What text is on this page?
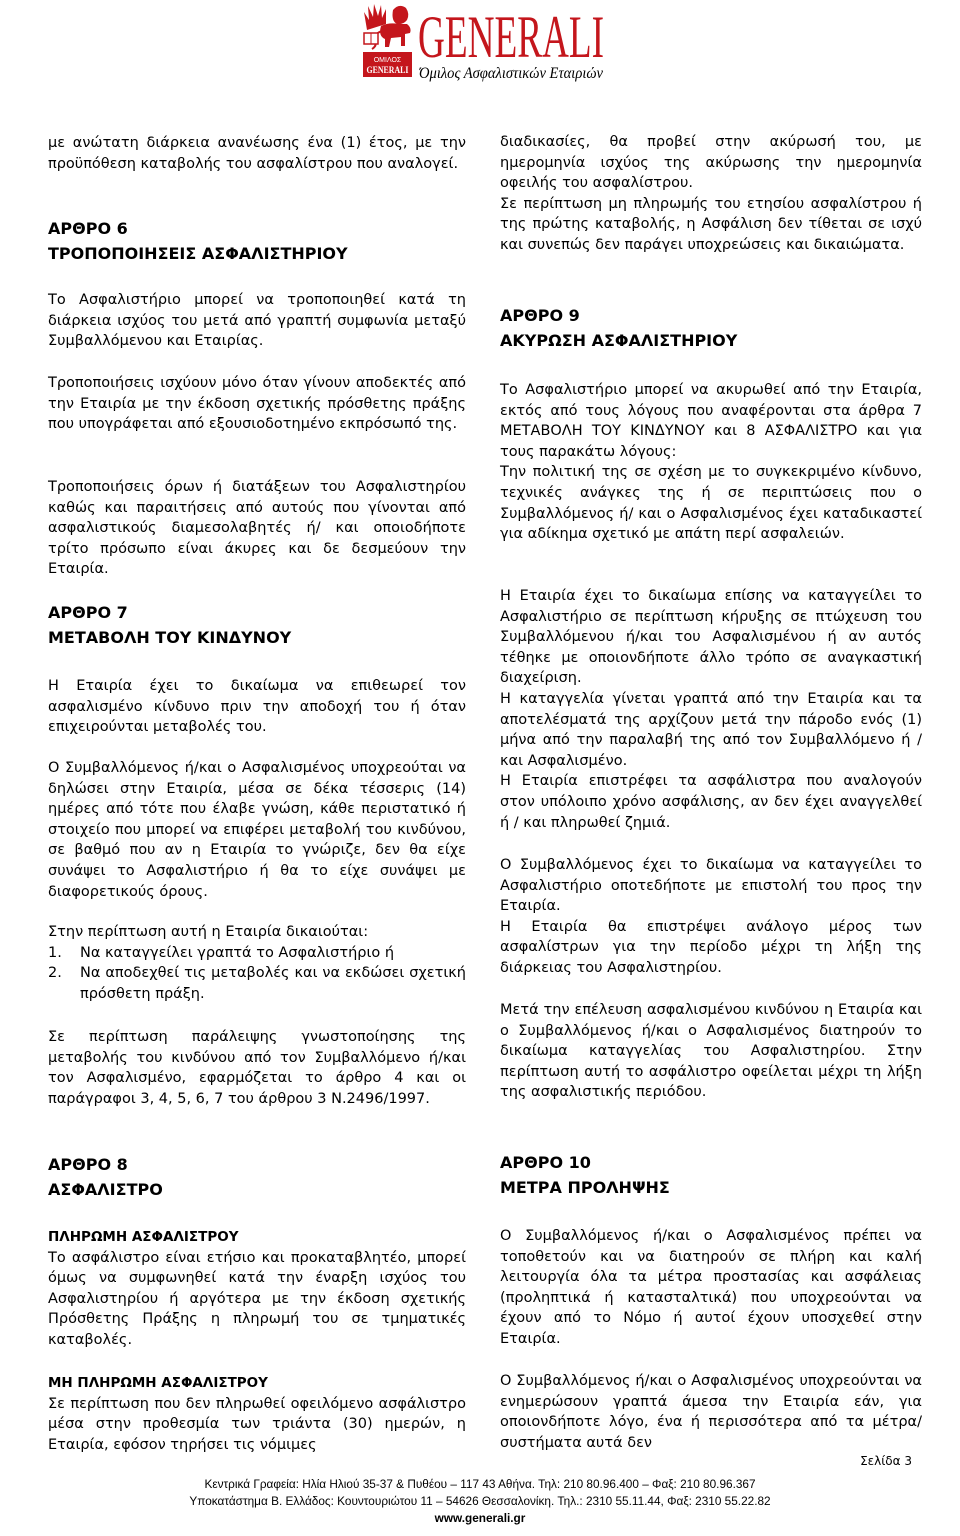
ΟΜΙΛΟΣ
GENERALI GENERALI
Όμιλος Ασφαλιστικών Εταιριών

με ανώτατη διάρκεια ανανέωσης ένα (1) έτος, με την προϋπόθεση καταβολής του ασφαλίστρου που αναλογεί.

ΑΡΘΡΟ 6
ΤΡΟΠΟΠΟΙΗΣΕΙΣ ΑΣΦΑΛΙΣΤΗΡΙΟΥ

Το Ασφαλιστήριο μπορεί να τροποποιηθεί κατά τη διάρκεια ισχύος του μετά από γραπτή συμφωνία μεταξύ Συμβαλλόμενου και Εταιρίας.

Τροποποιήσεις ισχύουν μόνο όταν γίνουν αποδεκτές από την Εταιρία με την έκδοση σχετικής πρόσθετης πράξης που υπογράφεται από εξουσιοδοτημένο εκπρόσωπό της.

Τροποποιήσεις όρων ή διατάξεων του Ασφαλιστηρίου καθώς και παραιτήσεις από αυτούς που γίνονται από ασφαλιστικούς διαμεσολαβητές ή/ και οποιοδήποτε τρίτο πρόσωπο είναι άκυρες και δε δεσμεύουν την Εταιρία.

ΑΡΘΡΟ 7
ΜΕΤΑΒΟΛΗ ΤΟΥ ΚΙΝΔΥΝΟΥ

Η Εταιρία έχει το δικαίωμα να επιθεωρεί τον ασφαλισμένο κίνδυνο πριν την αποδοχή του ή όταν επιχειρούνται μεταβολές του.

Ο Συμβαλλόμενος ή/και ο Ασφαλισμένος υποχρεούται να δηλώσει στην Εταιρία, μέσα σε δέκα τέσσερις (14) ημέρες από τότε που έλαβε γνώση, κάθε περιστατικό ή στοιχείο που μπορεί να επιφέρει μεταβολή του κινδύνου, σε βαθμό που αν η Εταιρία το γνώριζε, δεν θα είχε συνάψει το Ασφαλιστήριο ή θα το είχε συνάψει με διαφορετικούς όρους.

Στην περίπτωση αυτή η Εταιρία δικαιούται:

1.	Να καταγγείλει γραπτά το Ασφαλιστήριο ή
2.	Να αποδεχθεί τις μεταβολές και να εκδώσει σχετική πρόσθετη πράξη.

Σε περίπτωση παράλειψης γνωστοποίησης της μεταβολής του κινδύνου από τον Συμβαλλόμενο ή/και τον Ασφαλισμένο, εφαρμόζεται το άρθρο 4 και οι παράγραφοι 3, 4, 5, 6, 7 του άρθρου 3 Ν.2496/1997.

ΑΡΘΡΟ 8
ΑΣΦΑΛΙΣΤΡΟ
ΠΛΗΡΩΜΗ ΑΣΦΑΛΙΣΤΡΟΥ

Το ασφάλιστρο είναι ετήσιο και προκαταβλητέο, μπορεί όμως να συμφωνηθεί κατά την έναρξη ισχύος του Ασφαλιστηρίου ή αργότερα με την έκδοση σχετικής Πρόσθετης Πράξης η πληρωμή του σε τμηματικές καταβολές.

ΜΗ ΠΛΗΡΩΜΗ ΑΣΦΑΛΙΣΤΡΟΥ

Σε περίπτωση που δεν πληρωθεί οφειλόμενο ασφάλιστρο μέσα στην προθεσμία των τριάντα (30) ημερών, η Εταιρία, εφόσον τηρήσει τις νόμιμες

διαδικασίες, θα προβεί στην ακύρωσή του, με ημερομηνία ισχύος της ακύρωσης την ημερομηνία οφειλής του ασφαλίστρου.

Σε περίπτωση μη πληρωμής του ετησίου ασφαλίστρου ή της πρώτης καταβολής, η Ασφάλιση δεν τίθεται σε ισχύ και συνεπώς δεν παράγει υποχρεώσεις και δικαιώματα.

ΑΡΘΡΟ 9
ΑΚΥΡΩΣΗ ΑΣΦΑΛΙΣΤΗΡΙΟΥ

Το Ασφαλιστήριο μπορεί να ακυρωθεί από την Εταιρία, εκτός από τους λόγους που αναφέρονται στα άρθρα 7 ΜΕΤΑΒΟΛΗ ΤΟΥ ΚΙΝΔΥΝΟΥ και 8 ΑΣΦΑΛΙΣΤΡΟ και για τους παρακάτω λόγους:

Την πολιτική της σε σχέση με το συγκεκριμένο κίνδυνο, τεχνικές ανάγκες της ή σε περιπτώσεις που ο Συμβαλλόμενος ή/ και ο Ασφαλισμένος έχει καταδικαστεί για αδίκημα σχετικό με απάτη περί ασφαλειών.

Η Εταιρία έχει το δικαίωμα επίσης να καταγγείλει το Ασφαλιστήριο σε περίπτωση κήρυξης σε πτώχευση του Συμβαλλόμενου ή/και του Ασφαλισμένου ή αν αυτός τέθηκε με οποιονδήποτε άλλο τρόπο σε αναγκαστική διαχείριση.

Η καταγγελία γίνεται γραπτά από την Εταιρία και τα αποτελέσματά της αρχίζουν μετά την πάροδο ενός (1) μήνα από την παραλαβή της από τον Συμβαλλόμενο ή / και Ασφαλισμένο.

Η Εταιρία επιστρέφει τα ασφάλιστρα που αναλογούν στον υπόλοιπο χρόνο ασφάλισης, αν δεν έχει αναγγελθεί ή / και πληρωθεί ζημιά.

Ο Συμβαλλόμενος έχει το δικαίωμα να καταγγείλει το Ασφαλιστήριο οποτεδήποτε με επιστολή του προς την Εταιρία.

Η Εταιρία θα επιστρέψει ανάλογο μέρος των ασφαλίστρων για την περίοδο μέχρι τη λήξη της διάρκειας του Ασφαλιστηρίου.

Μετά την επέλευση ασφαλισμένου κινδύνου η Εταιρία και ο Συμβαλλόμενος ή/και ο Ασφαλισμένος διατηρούν το δικαίωμα καταγγελίας του Ασφαλιστηρίου. Στην περίπτωση αυτή το ασφάλιστρο οφείλεται μέχρι τη λήξη της ασφαλιστικής περιόδου.

ΑΡΘΡΟ 10
ΜΕΤΡΑ ΠΡΟΛΗΨΗΣ

Ο Συμβαλλόμενος ή/και ο Ασφαλισμένος πρέπει να τοποθετούν και να διατηρούν σε πλήρη και καλή λειτουργία όλα τα μέτρα προστασίας και ασφάλειας (προληπτικά ή κατασταλτικά) που υποχρεούνται να έχουν από το Νόμο ή αυτοί έχουν υποσχεθεί στην Εταιρία.

Ο Συμβαλλόμενος ή/και ο Ασφαλισμένος υποχρεούνται να ενημερώσουν γραπτά άμεσα την Εταιρία εάν, για οποιονδήποτε λόγο, ένα ή περισσότερα από τα μέτρα/ συστήματα αυτά δεν

Σελίδα 3
Κεντρικά Γραφεία: Ηλία Ηλιού 35-37 & Πυθέου – 117 43 Αθήνα. Τηλ: 210 80.96.400 – Φαξ: 210 80.96.367
Υποκατάστημα Β. Ελλάδος: Κουντουριώτου 11 – 54626 Θεσσαλονίκη. Τηλ.: 2310 55.11.44, Φαξ: 2310 55.22.82
www.generali.gr
